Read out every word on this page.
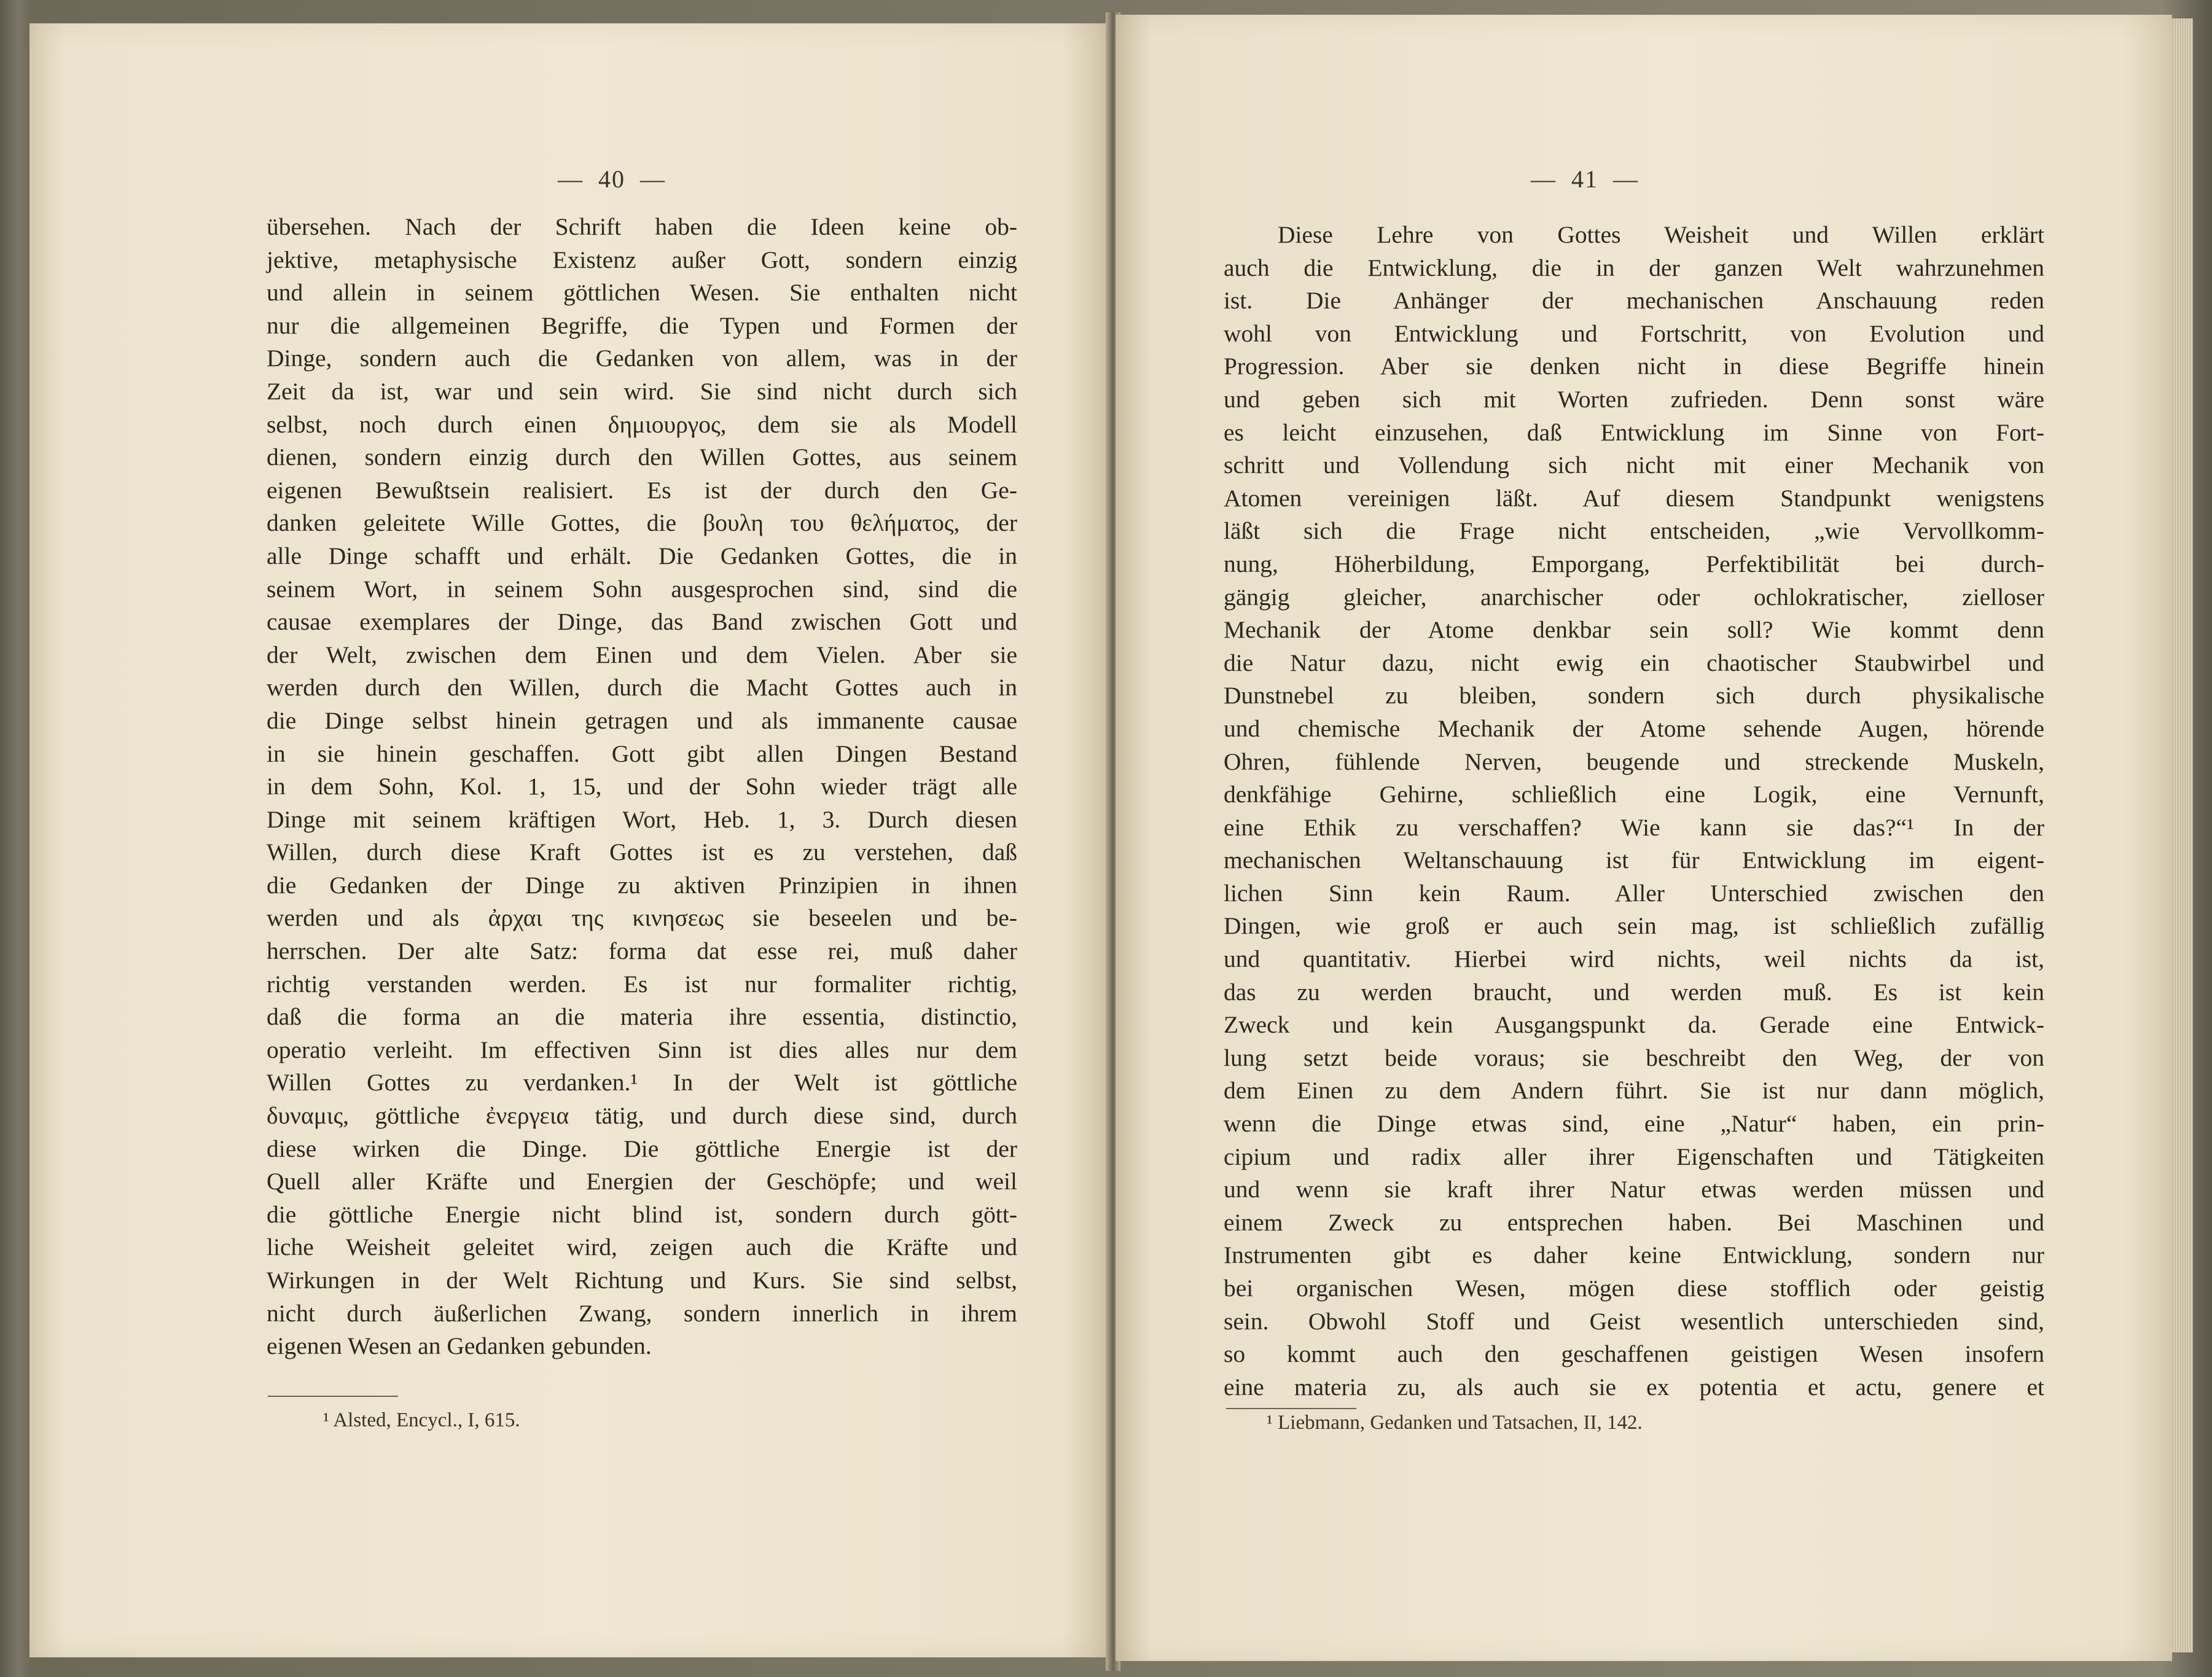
—  40  —
übersehen. Nach der Schrift haben die Ideen keine ob-
jektive, metaphysische Existenz außer Gott, sondern einzig
und allein in seinem göttlichen Wesen. Sie enthalten nicht
nur die allgemeinen Begriffe, die Typen und Formen der
Dinge, sondern auch die Gedanken von allem, was in der
Zeit da ist, war und sein wird. Sie sind nicht durch sich
selbst, noch durch einen δημιουργος, dem sie als Modell
dienen, sondern einzig durch den Willen Gottes, aus seinem
eigenen Bewußtsein realisiert. Es ist der durch den Ge-
danken geleitete Wille Gottes, die βουλη του θελήματος, der
alle Dinge schafft und erhält. Die Gedanken Gottes, die in
seinem Wort, in seinem Sohn ausgesprochen sind, sind die
causae exemplares der Dinge, das Band zwischen Gott und
der Welt, zwischen dem Einen und dem Vielen. Aber sie
werden durch den Willen, durch die Macht Gottes auch in
die Dinge selbst hinein getragen und als immanente causae
in sie hinein geschaffen. Gott gibt allen Dingen Bestand
in dem Sohn, Kol. 1, 15, und der Sohn wieder trägt alle
Dinge mit seinem kräftigen Wort, Heb. 1, 3. Durch diesen
Willen, durch diese Kraft Gottes ist es zu verstehen, daß
die Gedanken der Dinge zu aktiven Prinzipien in ihnen
werden und als ἀρχαι της κινησεως sie beseelen und be-
herrschen. Der alte Satz: forma dat esse rei, muß daher
richtig verstanden werden. Es ist nur formaliter richtig,
daß die forma an die materia ihre essentia, distinctio,
operatio verleiht. Im effectiven Sinn ist dies alles nur dem
Willen Gottes zu verdanken.¹ In der Welt ist göttliche
δυναμις, göttliche ἐνεργεια tätig, und durch diese sind, durch
diese wirken die Dinge. Die göttliche Energie ist der
Quell aller Kräfte und Energien der Geschöpfe; und weil
die göttliche Energie nicht blind ist, sondern durch gött-
liche Weisheit geleitet wird, zeigen auch die Kräfte und
Wirkungen in der Welt Richtung und Kurs. Sie sind selbst,
nicht durch äußerlichen Zwang, sondern innerlich in ihrem
eigenen Wesen an Gedanken gebunden.
¹ Alsted, Encycl., I, 615.
—  41  —
Diese Lehre von Gottes Weisheit und Willen erklärt
auch die Entwicklung, die in der ganzen Welt wahrzunehmen
ist. Die Anhänger der mechanischen Anschauung reden
wohl von Entwicklung und Fortschritt, von Evolution und
Progression. Aber sie denken nicht in diese Begriffe hinein
und geben sich mit Worten zufrieden. Denn sonst wäre
es leicht einzusehen, daß Entwicklung im Sinne von Fort-
schritt und Vollendung sich nicht mit einer Mechanik von
Atomen vereinigen läßt. Auf diesem Standpunkt wenigstens
läßt sich die Frage nicht entscheiden, „wie Vervollkomm-
nung, Höherbildung, Emporgang, Perfektibilität bei durch-
gängig gleicher, anarchischer oder ochlokratischer, zielloser
Mechanik der Atome denkbar sein soll? Wie kommt denn
die Natur dazu, nicht ewig ein chaotischer Staubwirbel und
Dunstnebel zu bleiben, sondern sich durch physikalische
und chemische Mechanik der Atome sehende Augen, hörende
Ohren, fühlende Nerven, beugende und streckende Muskeln,
denkfähige Gehirne, schließlich eine Logik, eine Vernunft,
eine Ethik zu verschaffen? Wie kann sie das?“¹ In der
mechanischen Weltanschauung ist für Entwicklung im eigent-
lichen Sinn kein Raum. Aller Unterschied zwischen den
Dingen, wie groß er auch sein mag, ist schließlich zufällig
und quantitativ. Hierbei wird nichts, weil nichts da ist,
das zu werden braucht, und werden muß. Es ist kein
Zweck und kein Ausgangspunkt da. Gerade eine Entwick-
lung setzt beide voraus; sie beschreibt den Weg, der von
dem Einen zu dem Andern führt. Sie ist nur dann möglich,
wenn die Dinge etwas sind, eine „Natur“ haben, ein prin-
cipium und radix aller ihrer Eigenschaften und Tätigkeiten
und wenn sie kraft ihrer Natur etwas werden müssen und
einem Zweck zu entsprechen haben. Bei Maschinen und
Instrumenten gibt es daher keine Entwicklung, sondern nur
bei organischen Wesen, mögen diese stofflich oder geistig
sein. Obwohl Stoff und Geist wesentlich unterschieden sind,
so kommt auch den geschaffenen geistigen Wesen insofern
eine materia zu, als auch sie ex potentia et actu, genere et
¹ Liebmann, Gedanken und Tatsachen, II, 142.
